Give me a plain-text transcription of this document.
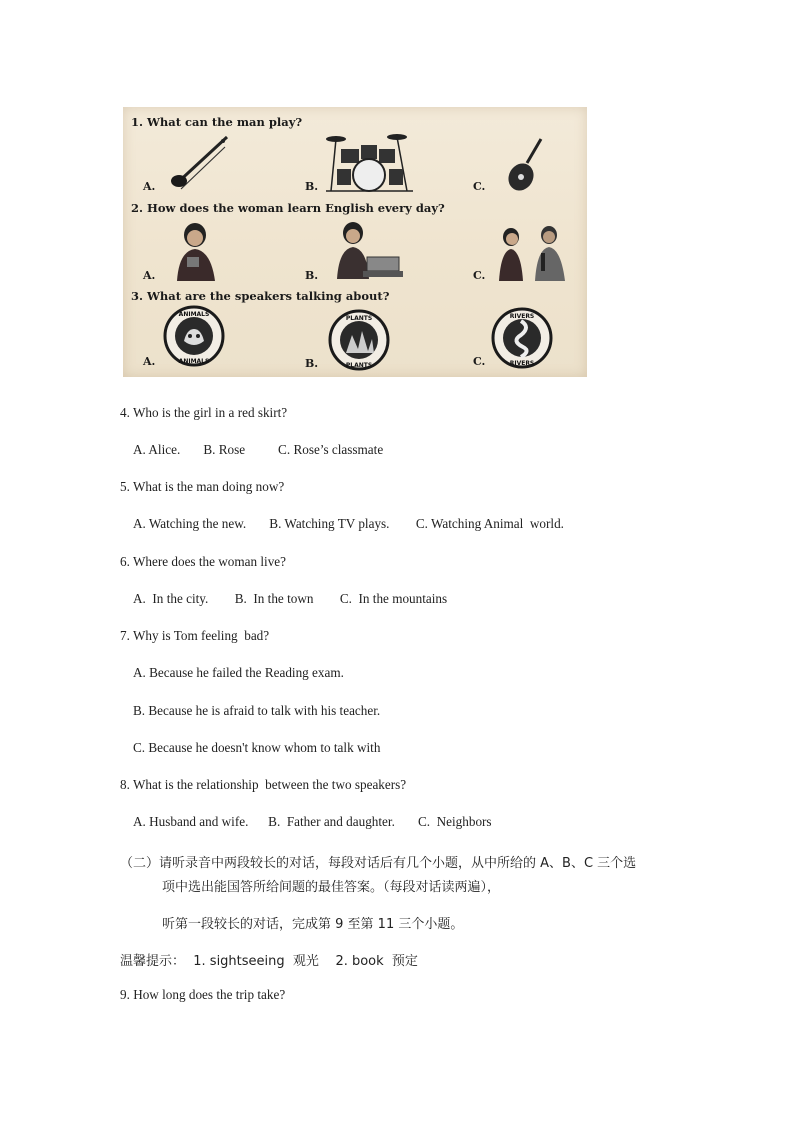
1. What can the man play?
A.	B.	C.
2. How does the woman learn English every day?
A.	B.	C.
3. What are the speakers talking about?
ANIMALS
ANIMALS
A.
PLANTS
PLANTS
B.
RIVERS
RIVERS
C.
4. Who is the girl in a red skirt?
A. Alice.       B. Rose          C. Rose’s classmate
5. What is the man doing now?
A. Watching the new.       B. Watching TV plays.        C. Watching Animal  world.
6. Where does the woman live?
A.  In the city.        B.  In the town        C.  In the mountains
7. Why is Tom feeling  bad?
A. Because he failed the Reading exam.
B. Because he is afraid to talk with his teacher.
C. Because he doesn't know whom to talk with
8. What is the relationship  between the two speakers?
A. Husband and wife.      B.  Father and daughter.       C.  Neighbors
（二）请听录音中两段较长的对话，每段对话后有几个小题，从中所给的 A、B、C 三个选
项中选出能国答所给间题的最佳答案。（每段对话读两遍），
听第一段较长的对话，完成第 9 至第 11 三个小题。
温馨提示：  1. sightseeing  观光    2. book  预定
9. How long does the trip take?
